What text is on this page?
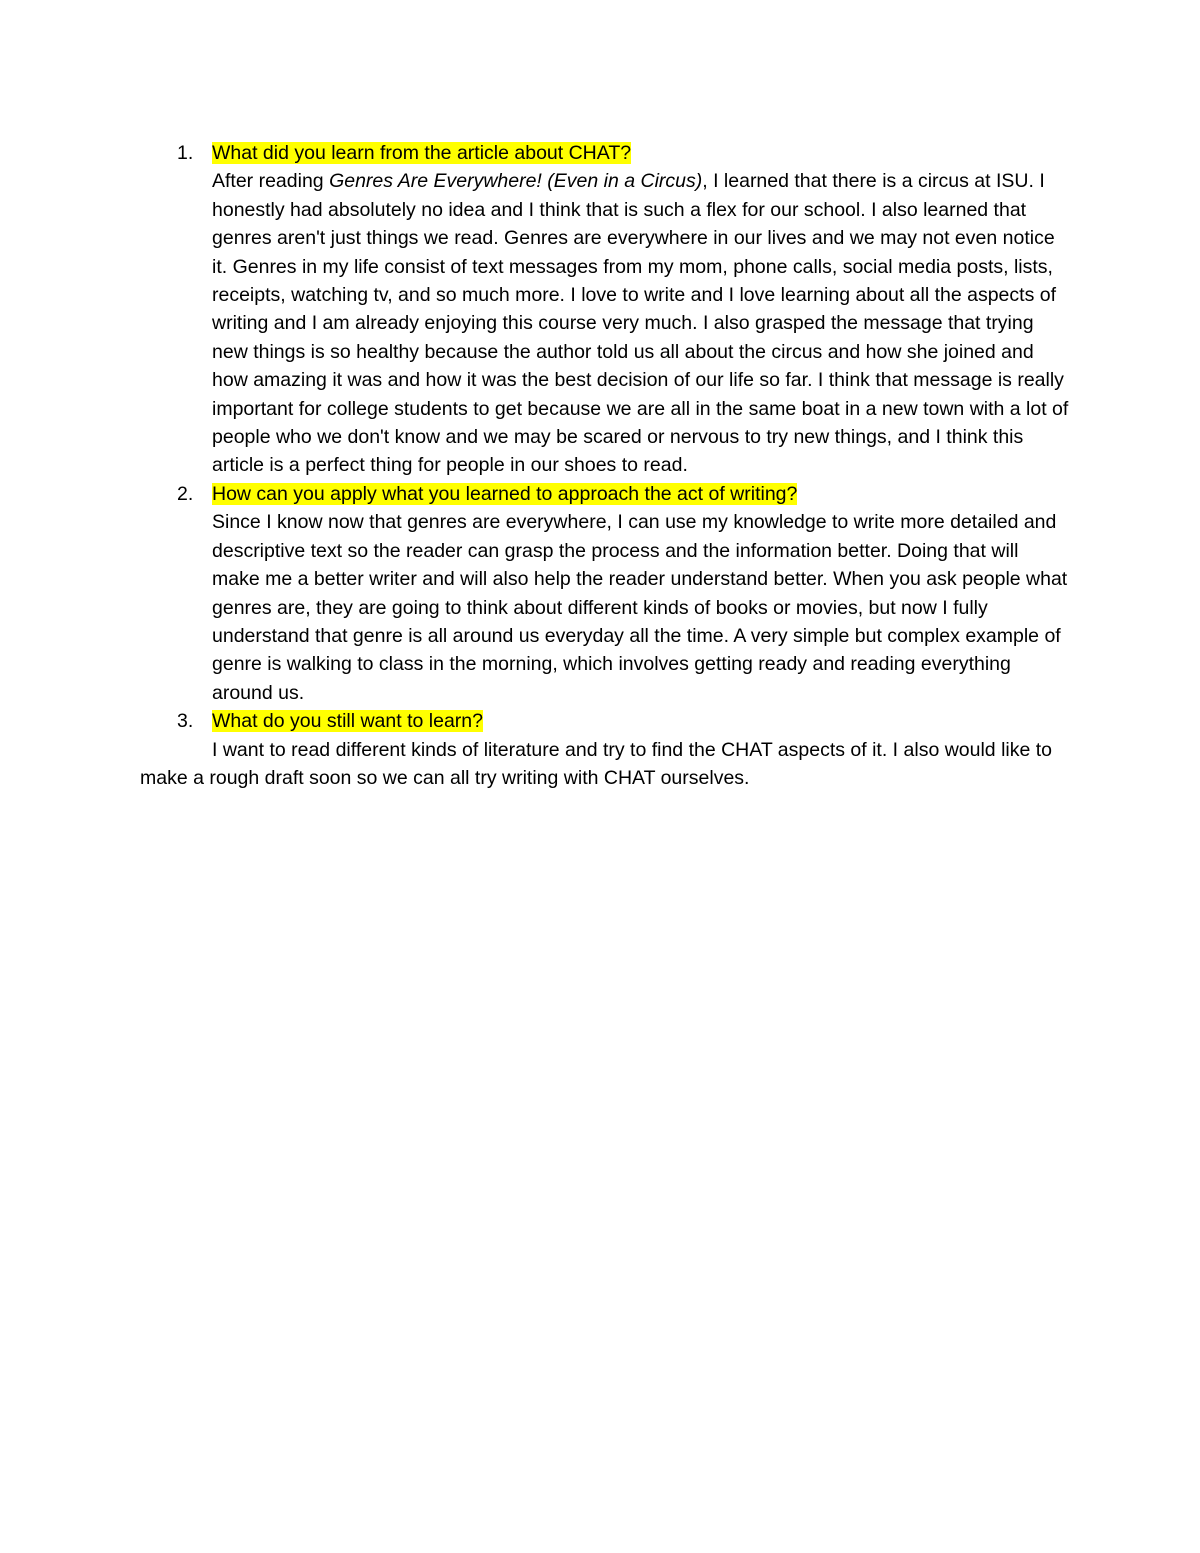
1. What did you learn from the article about CHAT?

After reading Genres Are Everywhere! (Even in a Circus), I learned that there is a circus at ISU. I honestly had absolutely no idea and I think that is such a flex for our school. I also learned that genres aren't just things we read. Genres are everywhere in our lives and we may not even notice it. Genres in my life consist of text messages from my mom, phone calls, social media posts, lists, receipts, watching tv, and so much more. I love to write and I love learning about all the aspects of writing and I am already enjoying this course very much. I also grasped the message that trying new things is so healthy because the author told us all about the circus and how she joined and how amazing it was and how it was the best decision of our life so far. I think that message is really important for college students to get because we are all in the same boat in a new town with a lot of people who we don't know and we may be scared or nervous to try new things, and I think this article is a perfect thing for people in our shoes to read.

2. How can you apply what you learned to approach the act of writing?

Since I know now that genres are everywhere, I can use my knowledge to write more detailed and descriptive text so the reader can grasp the process and the information better. Doing that will make me a better writer and will also help the reader understand better. When you ask people what genres are, they are going to think about different kinds of books or movies, but now I fully understand that genre is all around us everyday all the time. A very simple but complex example of genre is walking to class in the morning, which involves getting ready and reading everything around us.

3. What do you still want to learn?

I want to read different kinds of literature and try to find the CHAT aspects of it. I also would like to make a rough draft soon so we can all try writing with CHAT ourselves.
